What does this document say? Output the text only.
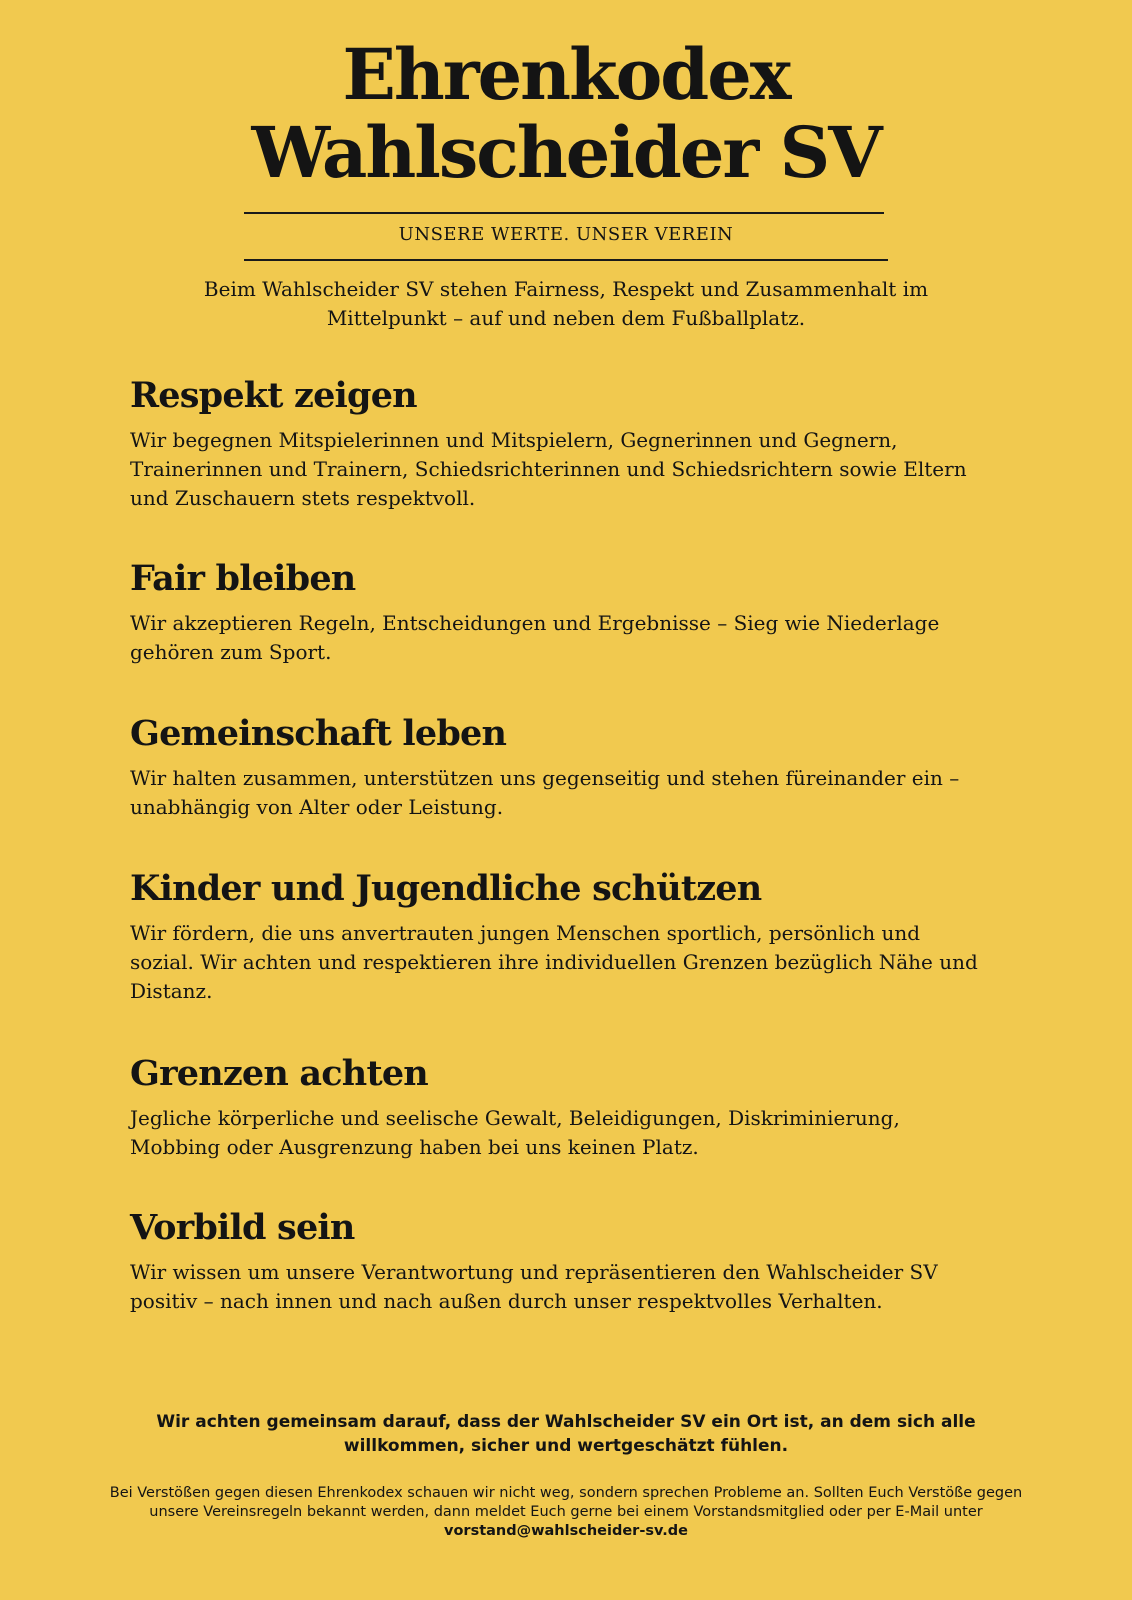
Ehrenkodex
Wahlscheider SV
UNSERE WERTE. UNSER VEREIN
Beim Wahlscheider SV stehen Fairness, Respekt und Zusammenhalt im Mittelpunkt – auf und neben dem Fußballplatz.
Respekt zeigen

Wir begegnen Mitspielerinnen und Mitspielern, Gegnerinnen und Gegnern, Trainerinnen und Trainern, Schiedsrichterinnen und Schiedsrichtern sowie Eltern und Zuschauern stets respektvoll.

Fair bleiben

Wir akzeptieren Regeln, Entscheidungen und Ergebnisse – Sieg wie Niederlage gehören zum Sport.

Gemeinschaft leben

Wir halten zusammen, unterstützen uns gegenseitig und stehen füreinander ein – unabhängig von Alter oder Leistung.

Kinder und Jugendliche schützen

Wir fördern, die uns anvertrauten jungen Menschen sportlich, persönlich und sozial. Wir achten und respektieren ihre individuellen Grenzen bezüglich Nähe und Distanz.

Grenzen achten

Jegliche körperliche und seelische Gewalt, Beleidigungen, Diskriminierung, Mobbing oder Ausgrenzung haben bei uns keinen Platz.

Vorbild sein

Wir wissen um unsere Verantwortung und repräsentieren den Wahlscheider SV positiv – nach innen und nach außen durch unser respektvolles Verhalten.

Wir achten gemeinsam darauf, dass der Wahlscheider SV ein Ort ist, an dem sich alle willkommen, sicher und wertgeschätzt fühlen.

Bei Verstößen gegen diesen Ehrenkodex schauen wir nicht weg, sondern sprechen Probleme an. Sollten Euch Verstöße gegen unsere Vereinsregeln bekannt werden, dann meldet Euch gerne bei einem Vorstandsmitglied oder per E-Mail unter vorstand@wahlscheider-sv.de
